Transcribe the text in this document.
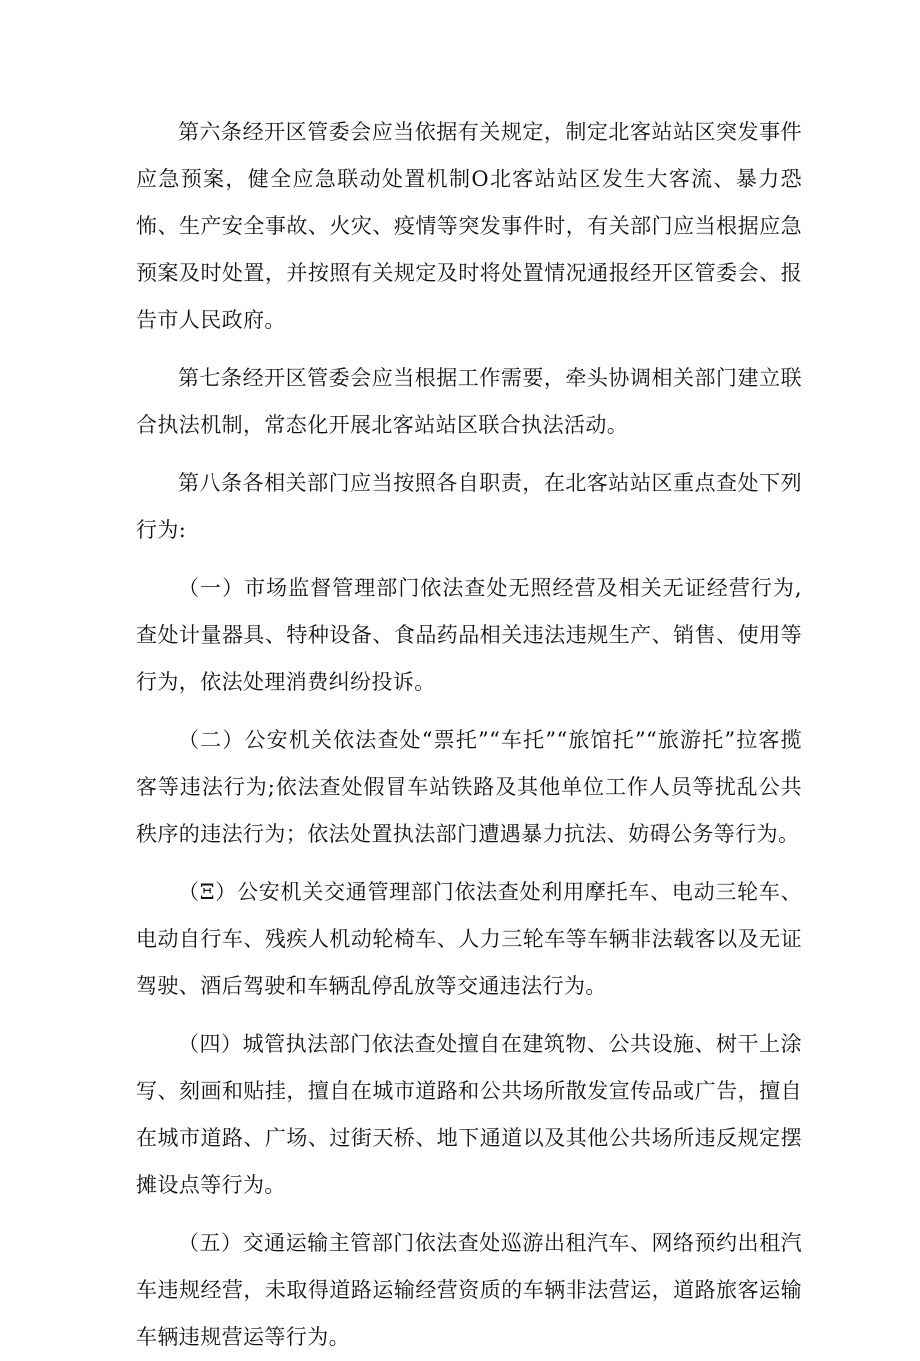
第六条经开区管委会应当依据有关规定，制定北客站站区突发事件应急预案，健全应急联动处置机制O北客站站区发生大客流、暴力恐怖、生产安全事故、火灾、疫情等突发事件时，有关部门应当根据应急预案及时处置，并按照有关规定及时将处置情况通报经开区管委会、报告市人民政府。

第七条经开区管委会应当根据工作需要，牵头协调相关部门建立联合执法机制，常态化开展北客站站区联合执法活动。

第八条各相关部门应当按照各自职责，在北客站站区重点查处下列行为:

（一）市场监督管理部门依法查处无照经营及相关无证经营行为,查处计量器具、特种设备、食品药品相关违法违规生产、销售、使用等行为，依法处理消费纠纷投诉。

（二）公安机关依法查处“票托”“车托”“旅馆托”“旅游托”拉客揽客等违法行为;依法查处假冒车站铁路及其他单位工作人员等扰乱公共秩序的违法行为；依法处置执法部门遭遇暴力抗法、妨碍公务等行为。

（Ξ）公安机关交通管理部门依法查处利用摩托车、电动三轮车、电动自行车、残疾人机动轮椅车、人力三轮车等车辆非法载客以及无证驾驶、酒后驾驶和车辆乱停乱放等交通违法行为。

（四）城管执法部门依法查处擅自在建筑物、公共设施、树干上涂写、刻画和贴挂，擅自在城市道路和公共场所散发宣传品或广告，擅自在城市道路、广场、过街天桥、地下通道以及其他公共场所违反规定摆摊设点等行为。

（五）交通运输主管部门依法查处巡游出租汽车、网络预约出租汽车违规经营，未取得道路运输经营资质的车辆非法营运，道路旅客运输车辆违规营运等行为。
